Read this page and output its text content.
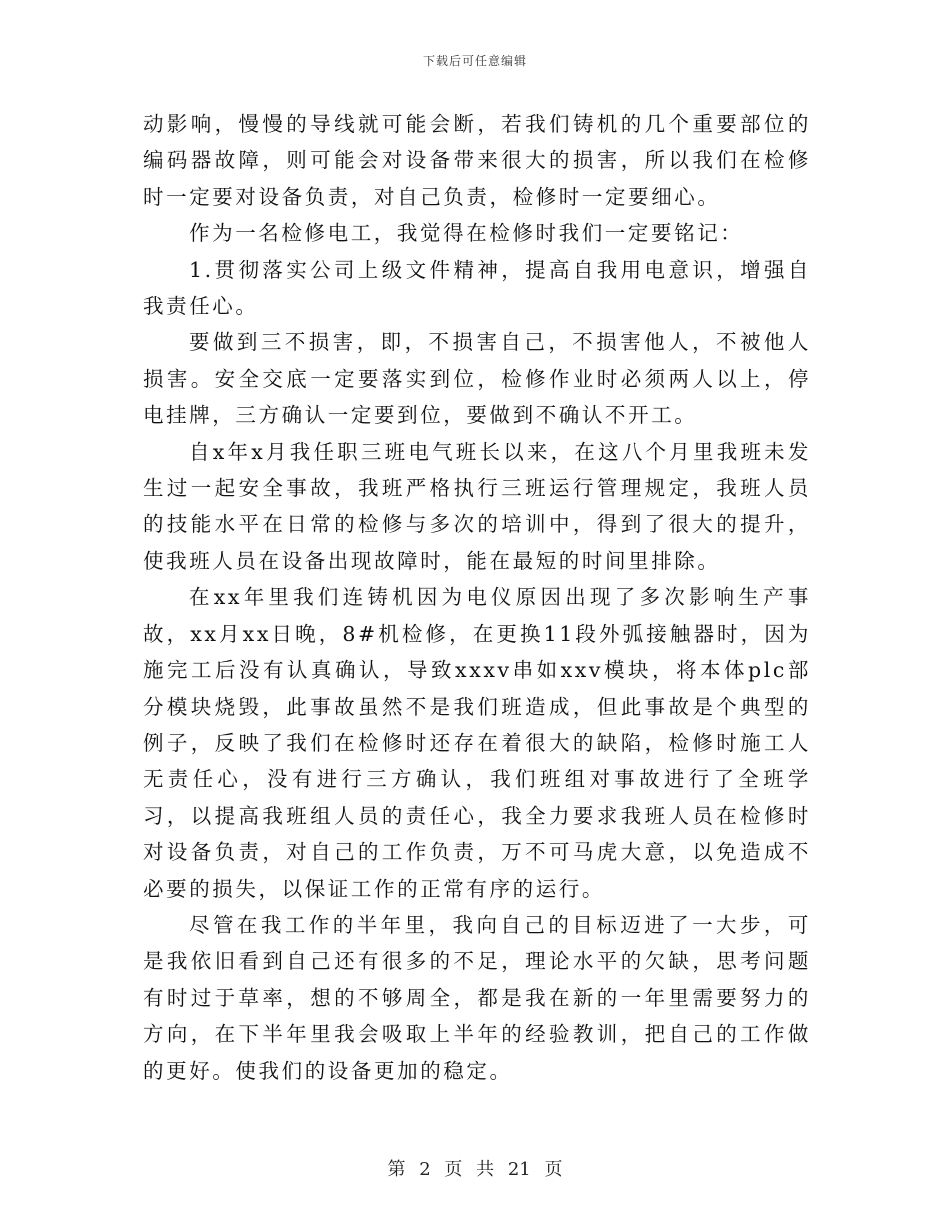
下载后可任意编辑

动影响，慢慢的导线就可能会断，若我们铸机的几个重要部位的编码器故障，则可能会对设备带来很大的损害，所以我们在检修时一定要对设备负责，对自己负责，检修时一定要细心。

作为一名检修电工，我觉得在检修时我们一定要铭记：

1.贯彻落实公司上级文件精神，提高自我用电意识，增强自我责任心。

要做到三不损害，即，不损害自己，不损害他人，不被他人损害。安全交底一定要落实到位，检修作业时必须两人以上，停电挂牌，三方确认一定要到位，要做到不确认不开工。

自x年x月我任职三班电气班长以来，在这八个月里我班未发生过一起安全事故，我班严格执行三班运行管理规定，我班人员的技能水平在日常的检修与多次的培训中，得到了很大的提升，使我班人员在设备出现故障时，能在最短的时间里排除。

在xx年里我们连铸机因为电仪原因出现了多次影响生产事故，xx月xx日晚，8#机检修，在更换11段外弧接触器时，因为施完工后没有认真确认，导致xxxv串如xxv模块，将本体plc部分模块烧毁，此事故虽然不是我们班造成，但此事故是个典型的例子，反映了我们在检修时还存在着很大的缺陷，检修时施工人无责任心，没有进行三方确认，我们班组对事故进行了全班学习，以提高我班组人员的责任心，我全力要求我班人员在检修时对设备负责，对自己的工作负责，万不可马虎大意，以免造成不必要的损失，以保证工作的正常有序的运行。

尽管在我工作的半年里，我向自己的目标迈进了一大步，可是我依旧看到自己还有很多的不足，理论水平的欠缺，思考问题有时过于草率，想的不够周全，都是我在新的一年里需要努力的方向，在下半年里我会吸取上半年的经验教训，把自己的工作做的更好。使我们的设备更加的稳定。

第 2 页 共 21 页
